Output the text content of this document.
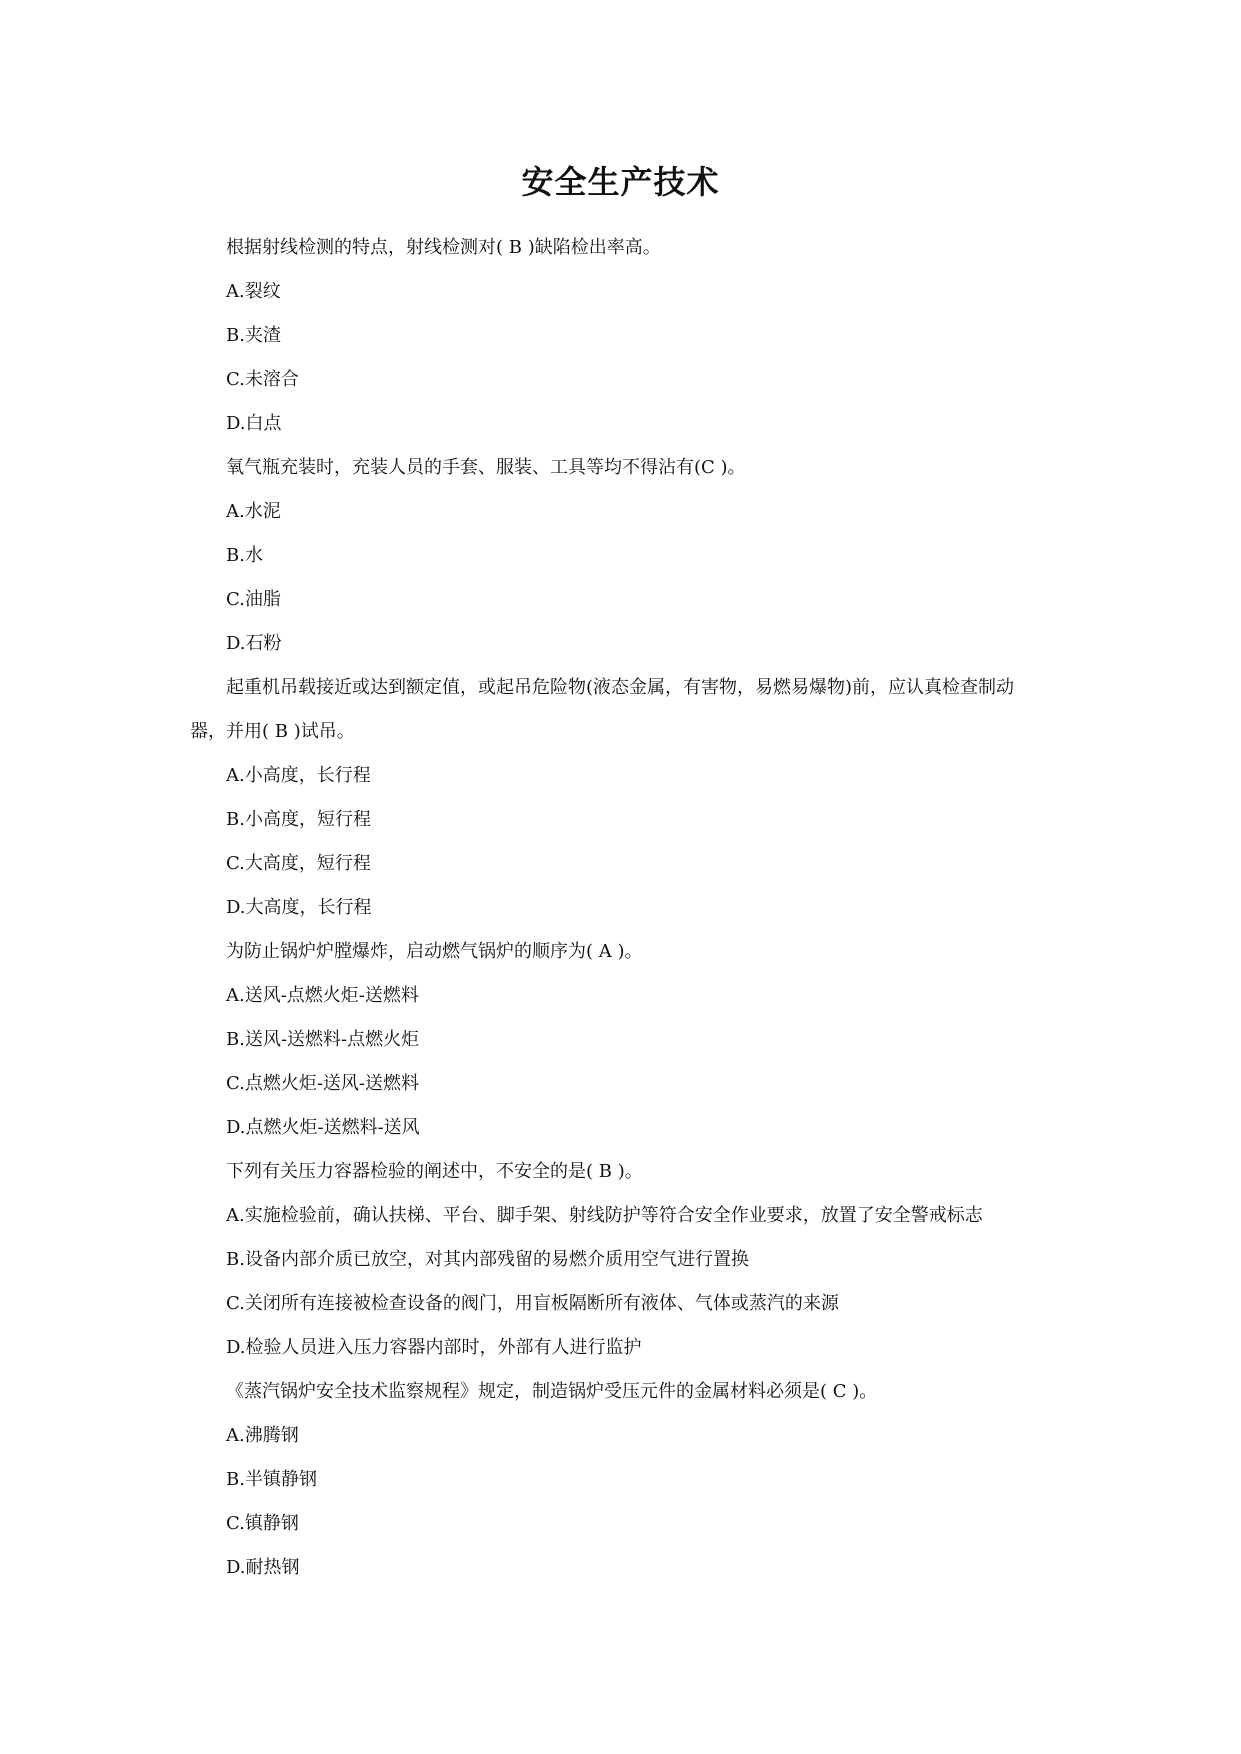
安全生产技术

根据射线检测的特点，射线检测对( B )缺陷检出率高。

A.裂纹

B.夹渣

C.未溶合

D.白点

氧气瓶充装时，充装人员的手套、服装、工具等均不得沾有(C )。

A.水泥

B.水

C.油脂

D.石粉

起重机吊载接近或达到额定值，或起吊危险物(液态金属，有害物，易燃易爆物)前，应认真检查制动器，并用( B )试吊。

A.小高度，长行程

B.小高度，短行程

C.大高度，短行程

D.大高度，长行程

为防止锅炉炉膛爆炸，启动燃气锅炉的顺序为( A )。

A.送风-点燃火炬-送燃料

B.送风-送燃料-点燃火炬

C.点燃火炬-送风-送燃料

D.点燃火炬-送燃料-送风

下列有关压力容器检验的阐述中，不安全的是( B )。

A.实施检验前，确认扶梯、平台、脚手架、射线防护等符合安全作业要求，放置了安全警戒标志

B.设备内部介质已放空，对其内部残留的易燃介质用空气进行置换

C.关闭所有连接被检查设备的阀门，用盲板隔断所有液体、气体或蒸汽的来源

D.检验人员进入压力容器内部时，外部有人进行监护

《蒸汽锅炉安全技术监察规程》规定，制造锅炉受压元件的金属材料必须是( C )。

A.沸腾钢

B.半镇静钢

C.镇静钢

D.耐热钢
